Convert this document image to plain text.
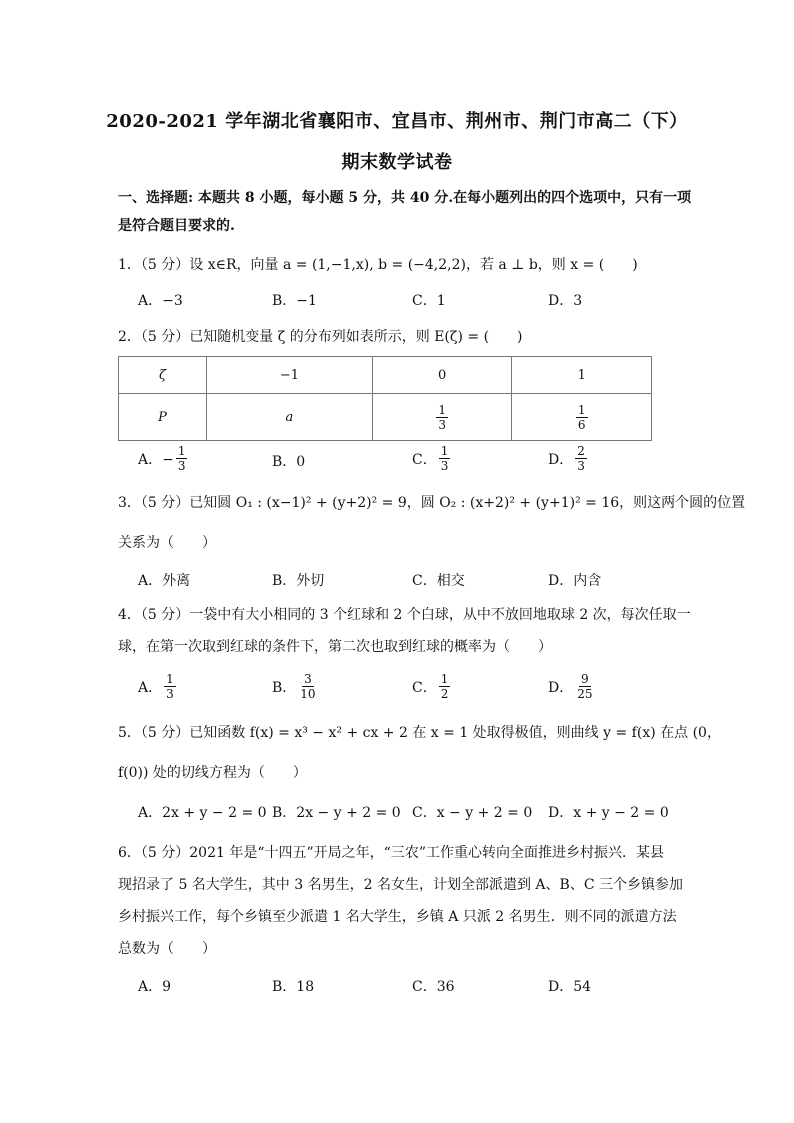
2020-2021 学年湖北省襄阳市、宜昌市、荆州市、荆门市高二（下）
期末数学试卷
一、选择题: 本题共 8 小题，每小题 5 分，共 40 分.在每小题列出的四个选项中，只有一项
是符合题目要求的.
1．（5 分）设 x∈R，向量 a = (1,−1,x), b = (−4,2,2)，若 a ⊥ b，则 x = (　　)
A．−3	B．−1	C．1	D．3
2．（5 分）已知随机变量 ζ 的分布列如表所示，则 E(ζ) = (　　)
ζ	−1	0	1
P	a	$\frac{1}{3}$	$\frac{1}{6}$
A．− $\frac{1}{3}$	B．0	C． $\frac{1}{3}$	D． $\frac{2}{3}$
3．（5 分）已知圆 O₁ : (x−1)² + (y+2)² = 9，圆 O₂ : (x+2)² + (y+1)² = 16，则这两个圆的位置
关系为（　　）
A．外离	B．外切	C．相交	D．内含
4．（5 分）一袋中有大小相同的 3 个红球和 2 个白球，从中不放回地取球 2 次，每次任取一
球，在第一次取到红球的条件下，第二次也取到红球的概率为（　　）
A． $\frac{1}{3}$	B． $\frac{3}{10}$	C． $\frac{1}{2}$	D． $\frac{9}{25}$
5．（5 分）已知函数 f(x) = x³ − x² + cx + 2 在 x = 1 处取得极值，则曲线 y = f(x) 在点 (0，
f(0)) 处的切线方程为（　　）
A．2x + y − 2 = 0 B．2x − y + 2 = 0 C．x − y + 2 = 0 D．x + y − 2 = 0
6．（5 分）2021 年是“十四五”开局之年，“三农”工作重心转向全面推进乡村振兴．某县
现招录了 5 名大学生，其中 3 名男生，2 名女生，计划全部派遣到 A、B、C 三个乡镇参加
乡村振兴工作，每个乡镇至少派遣 1 名大学生，乡镇 A 只派 2 名男生．则不同的派遣方法
总数为（　　）
A．9	B．18	C．36	D．54
